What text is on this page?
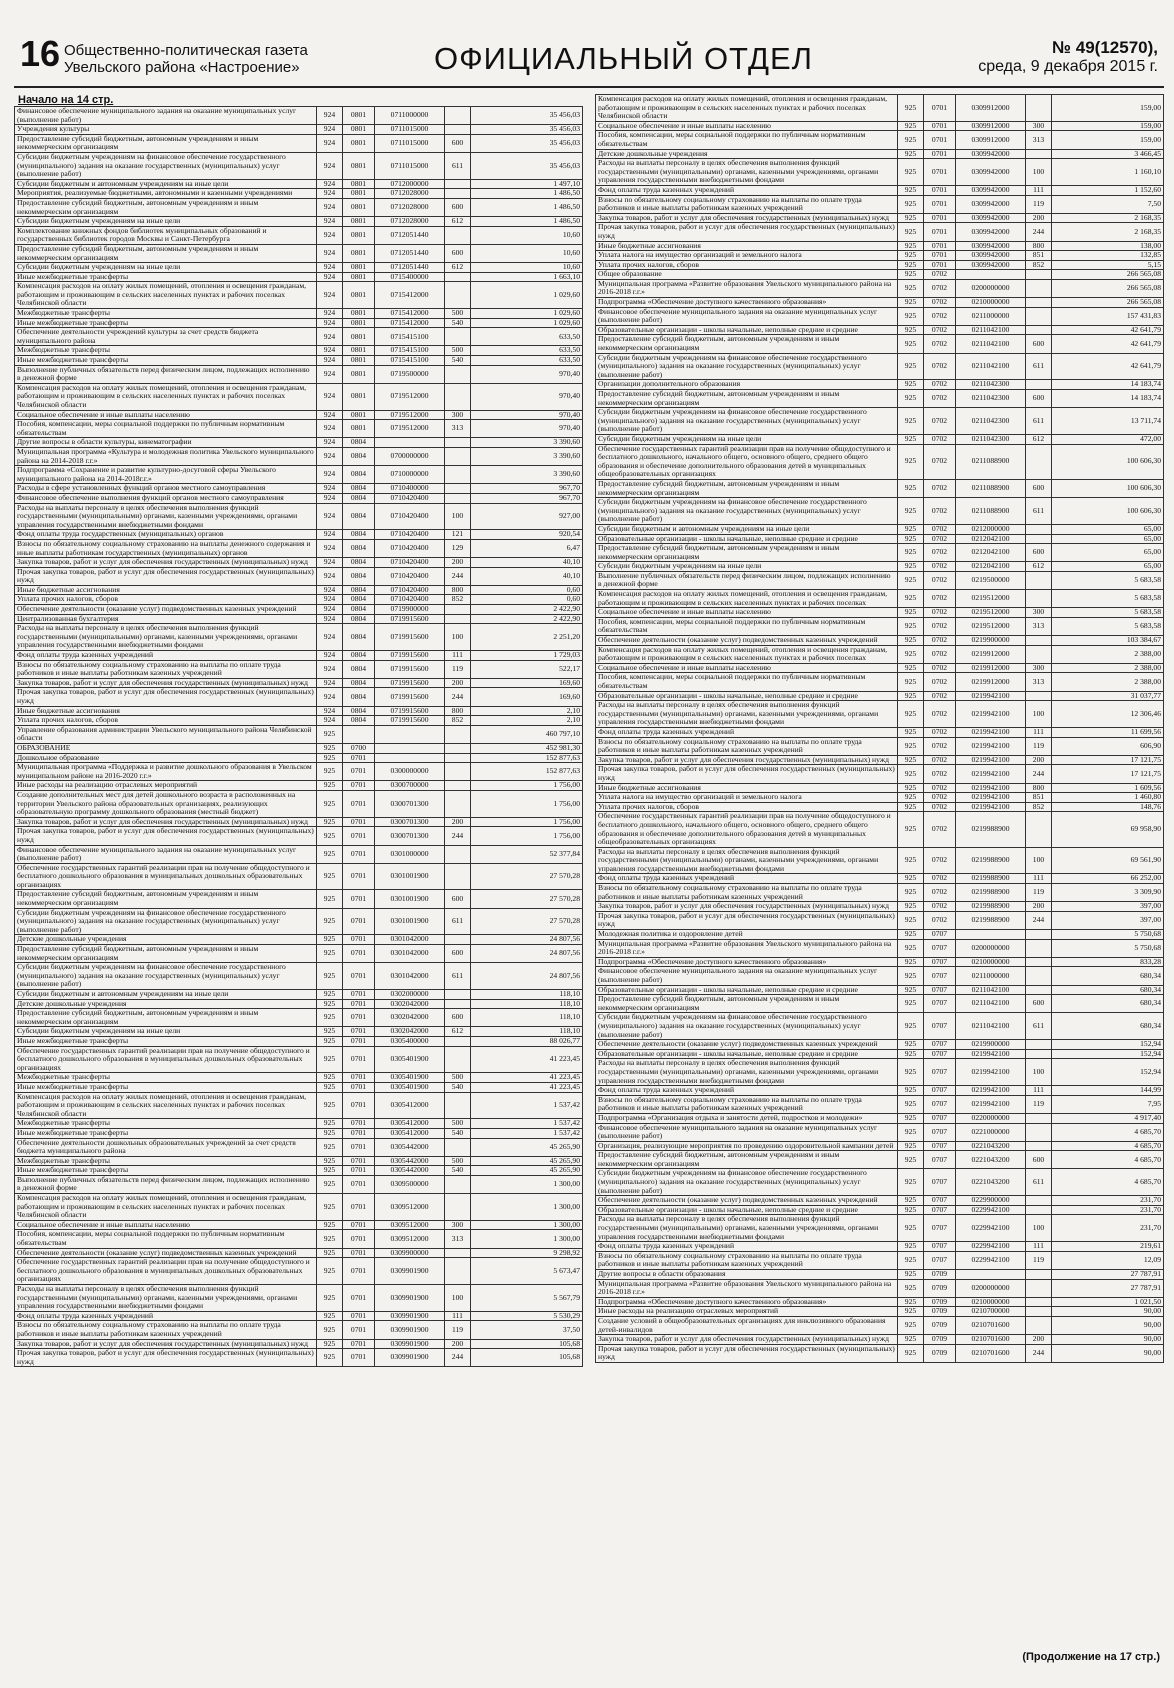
16 Общественно-политическая газета
Увельского района «Настроение»	ОФИЦИАЛЬНЫЙ ОТДЕЛ	№ 49(12570),
среда, 9 декабря 2015 г.
Начало на 14 стр.
Финансовое обеспечение муниципального задания на оказание муниципальных услуг (выполнение работ)	924	0801	0711000000		35 456,03
Учреждения культуры	924	0801	0711015000		35 456,03
Предоставление субсидий бюджетным, автономным учреждениям и иным некоммерческим организациям	924	0801	0711015000	600	35 456,03
Субсидии бюджетным учреждениям на финансовое обеспечение государственного (муниципального) задания на оказание государственных (муниципальных) услуг (выполнение работ)	924	0801	0711015000	611	35 456,03
Субсидии бюджетным и автономным учреждениям на иные цели	924	0801	0712000000		1 497,10
Мероприятия, реализуемые бюджетными, автономными и казенными учреждениями	924	0801	0712028000		1 486,50
Предоставление субсидий бюджетным, автономным учреждениям и иным некоммерческим организациям	924	0801	0712028000	600	1 486,50
Субсидии бюджетным учреждениям на иные цели	924	0801	0712028000	612	1 486,50
Комплектование книжных фондов библиотек муниципальных образований и государственных библиотек городов Москвы и Санкт-Петербурга	924	0801	0712051440		10,60
Предоставление субсидий бюджетным, автономным учреждениям и иным некоммерческим организациям	924	0801	0712051440	600	10,60
Субсидии бюджетным учреждениям на иные цели	924	0801	0712051440	612	10,60
Иные межбюджетные трансферты	924	0801	0715400000		1 663,10
Компенсация расходов на оплату жилых помещений, отопления и освещения гражданам, работающим и проживающим в сельских населенных пунктах и рабочих поселках Челябинской области	924	0801	0715412000		1 029,60
Межбюджетные трансферты	924	0801	0715412000	500	1 029,60
Иные межбюджетные трансферты	924	0801	0715412000	540	1 029,60
Обеспечение деятельности учреждений культуры за счет средств бюджета муниципального района	924	0801	0715415100		633,50
Межбюджетные трансферты	924	0801	0715415100	500	633,50
Иные межбюджетные трансферты	924	0801	0715415100	540	633,50
Выполнение публичных обязательств перед физическим лицом, подлежащих исполнению в денежной форме	924	0801	0719500000		970,40
Компенсация расходов на оплату жилых помещений, отопления и освещения гражданам, работающим и проживающим в сельских населенных пунктах и рабочих поселках Челябинской области	924	0801	0719512000		970,40
Социальное обеспечение и иные выплаты населению	924	0801	0719512000	300	970,40
Пособия, компенсации, меры социальной поддержки по публичным нормативным обязательствам	924	0801	0719512000	313	970,40
Другие вопросы в области культуры, кинематографии	924	0804			3 390,60
Муниципальная программа «Культура и молодежная политика Увельского муниципального района на 2014-2018 г.г.»	924	0804	0700000000		3 390,60
Подпрограмма «Сохранение и развитие культурно-досуговой сферы Увельского муниципального района на 2014-2018г.г.»	924	0804	0710000000		3 390,60
Расходы в сфере установленных функций органов местного самоуправления	924	0804	0710400000		967,70
Финансовое обеспечение выполнения функций органов местного самоуправления	924	0804	0710420400		967,70
Расходы на выплаты персоналу в целях обеспечения выполнения функций государственными (муниципальными) органами, казенными учреждениями, органами управления государственными внебюджетными фондами	924	0804	0710420400	100	927,00
Фонд оплаты труда государственных (муниципальных) органов	924	0804	0710420400	121	920,54
Взносы по обязательному социальному страхованию на выплаты денежного содержания и иные выплаты работникам государственных (муниципальных) органов	924	0804	0710420400	129	6,47
Закупка товаров, работ и услуг для обеспечения государственных (муниципальных) нужд	924	0804	0710420400	200	40,10
Прочая закупка товаров, работ и услуг для обеспечения государственных (муниципальных) нужд	924	0804	0710420400	244	40,10
Иные бюджетные ассигнования	924	0804	0710420400	800	0,60
Уплата прочих налогов, сборов	924	0804	0710420400	852	0,60
Обеспечение деятельности (оказание услуг) подведомственных казенных учреждений	924	0804	0719900000		2 422,90
Централизованная бухгалтерия	924	0804	0719915600		2 422,90
Расходы на выплаты персоналу в целях обеспечения выполнения функций государственными (муниципальными) органами, казенными учреждениями, органами управления государственными внебюджетными фондами	924	0804	0719915600	100	2 251,20
Фонд оплаты труда казенных учреждений	924	0804	0719915600	111	1 729,03
Взносы по обязательному социальному страхованию на выплаты по оплате труда работников и иные выплаты работникам казенных учреждений	924	0804	0719915600	119	522,17
Закупка товаров, работ и услуг для обеспечения государственных (муниципальных) нужд	924	0804	0719915600	200	169,60
Прочая закупка товаров, работ и услуг для обеспечения государственных (муниципальных) нужд	924	0804	0719915600	244	169,60
Иные бюджетные ассигнования	924	0804	0719915600	800	2,10
Уплата прочих налогов, сборов	924	0804	0719915600	852	2,10
Управление образования администрации Увельского муниципального района Челябинской области	925				460 797,10
ОБРАЗОВАНИЕ	925	0700			452 981,30
Дошкольное образование	925	0701			152 877,63
Муниципальная программа «Поддержка и развитие дошкольного образования в Увельском муниципальном районе на 2016-2020 г.г.»	925	0701	0300000000		152 877,63
Иные расходы на реализацию отраслевых мероприятий	925	0701	0300700000		1 756,00
Создание дополнительных мест для детей дошкольного возраста в расположенных на территории Увельского района образовательных организациях, реализующих образовательную программу дошкольного образования (местный бюджет)	925	0701	0300701300		1 756,00
Закупка товаров, работ и услуг для обеспечения государственных (муниципальных) нужд	925	0701	0300701300	200	1 756,00
Прочая закупка товаров, работ и услуг для обеспечения государственных (муниципальных) нужд	925	0701	0300701300	244	1 756,00
Финансовое обеспечение муниципального задания на оказание муниципальных услуг (выполнение работ)	925	0701	0301000000		52 377,84
Обеспечение государственных гарантий реализации прав на получение общедоступного и бесплатного дошкольного образования в муниципальных дошкольных образовательных организациях	925	0701	0301001900		27 570,28
Предоставление субсидий бюджетным, автономным учреждениям и иным некоммерческим организациям	925	0701	0301001900	600	27 570,28
Субсидии бюджетным учреждениям на финансовое обеспечение государственного (муниципального) задания на оказание государственных (муниципальных) услуг (выполнение работ)	925	0701	0301001900	611	27 570,28
Детские дошкольные учреждения	925	0701	0301042000		24 807,56
Предоставление субсидий бюджетным, автономным учреждениям и иным некоммерческим организациям	925	0701	0301042000	600	24 807,56
Субсидии бюджетным учреждениям на финансовое обеспечение государственного (муниципального) задания на оказание государственных (муниципальных) услуг (выполнение работ)	925	0701	0301042000	611	24 807,56
Субсидии бюджетным и автономным учреждениям на иные цели	925	0701	0302000000		118,10
Детские дошкольные учреждения	925	0701	0302042000		118,10
Предоставление субсидий бюджетным, автономным учреждениям и иным некоммерческим организациям	925	0701	0302042000	600	118,10
Субсидии бюджетным учреждениям на иные цели	925	0701	0302042000	612	118,10
Иные межбюджетные трансферты	925	0701	0305400000		88 026,77
Обеспечение государственных гарантий реализации прав на получение общедоступного и бесплатного дошкольного образования в муниципальных дошкольных образовательных организациях	925	0701	0305401900		41 223,45
Межбюджетные трансферты	925	0701	0305401900	500	41 223,45
Иные межбюджетные трансферты	925	0701	0305401900	540	41 223,45
Компенсация расходов на оплату жилых помещений, отопления и освещения гражданам, работающим и проживающим в сельских населенных пунктах и рабочих поселках Челябинской области	925	0701	0305412000		1 537,42
Межбюджетные трансферты	925	0701	0305412000	500	1 537,42
Иные межбюджетные трансферты	925	0701	0305412000	540	1 537,42
Обеспечение деятельности дошкольных образовательных учреждений за счет средств бюджета муниципального района	925	0701	0305442000		45 265,90
Межбюджетные трансферты	925	0701	0305442000	500	45 265,90
Иные межбюджетные трансферты	925	0701	0305442000	540	45 265,90
Выполнение публичных обязательств перед физическим лицом, подлежащих исполнению в денежной форме	925	0701	0309500000		1 300,00
Компенсация расходов на оплату жилых помещений, отопления и освещения гражданам, работающим и проживающим в сельских населенных пунктах и рабочих поселках Челябинской области	925	0701	0309512000		1 300,00
Социальное обеспечение и иные выплаты населению	925	0701	0309512000	300	1 300,00
Пособия, компенсации, меры социальной поддержки по публичным нормативным обязательствам	925	0701	0309512000	313	1 300,00
Обеспечение деятельности (оказание услуг) подведомственных казенных учреждений	925	0701	0309900000		9 298,92
Обеспечение государственных гарантий реализации прав на получение общедоступного и бесплатного дошкольного образования в муниципальных дошкольных образовательных организациях	925	0701	0309901900		5 673,47
Расходы на выплаты персоналу в целях обеспечения выполнения функций государственными (муниципальными) органами, казенными учреждениями, органами управления государственными внебюджетными фондами	925	0701	0309901900	100	5 567,79
Фонд оплаты труда казенных учреждений	925	0701	0309901900	111	5 530,29
Взносы по обязательному социальному страхованию на выплаты по оплате труда работников и иные выплаты работникам казенных учреждений	925	0701	0309901900	119	37,50
Закупка товаров, работ и услуг для обеспечения государственных (муниципальных) нужд	925	0701	0309901900	200	105,68
Прочая закупка товаров, работ и услуг для обеспечения государственных (муниципальных) нужд	925	0701	0309901900	244	105,68
Компенсация расходов на оплату жилых помещений, отопления и освещения гражданам, работающим и проживающим в сельских населенных пунктах и рабочих поселках Челябинской области	925	0701	0309912000		159,00
Социальное обеспечение и иные выплаты населению	925	0701	0309912000	300	159,00
Пособия, компенсации, меры социальной поддержки по публичным нормативным обязательствам	925	0701	0309912000	313	159,00
Детские дошкольные учреждения	925	0701	0309942000		3 466,45
Расходы на выплаты персоналу в целях обеспечения выполнения функций государственными (муниципальными) органами, казенными учреждениями, органами управления государственными внебюджетными фондами	925	0701	0309942000	100	1 160,10
Фонд оплаты труда казенных учреждений	925	0701	0309942000	111	1 152,60
Взносы по обязательному социальному страхованию на выплаты по оплате труда работников и иные выплаты работникам казенных учреждений	925	0701	0309942000	119	7,50
Закупка товаров, работ и услуг для обеспечения государственных (муниципальных) нужд	925	0701	0309942000	200	2 168,35
Прочая закупка товаров, работ и услуг для обеспечения государственных (муниципальных) нужд	925	0701	0309942000	244	2 168,35
Иные бюджетные ассигнования	925	0701	0309942000	800	138,00
Уплата налога на имущество организаций и земельного налога	925	0701	0309942000	851	132,85
Уплата прочих налогов, сборов	925	0701	0309942000	852	5,15
Общее образование	925	0702			266 565,08
Муниципальная программа «Развитие образования Увельского муниципального района на 2016-2018 г.г.»	925	0702	0200000000		266 565,08
Подпрограмма «Обеспечение доступного качественного образования»	925	0702	0210000000		266 565,08
Финансовое обеспечение муниципального задания на оказание муниципальных услуг (выполнение работ)	925	0702	0211000000		157 431,83
Образовательные организации - школы начальные, неполные средние и средние	925	0702	0211042100		42 641,79
Предоставление субсидий бюджетным, автономным учреждениям и иным некоммерческим организациям	925	0702	0211042100	600	42 641,79
Субсидии бюджетным учреждениям на финансовое обеспечение государственного (муниципального) задания на оказание государственных (муниципальных) услуг (выполнение работ)	925	0702	0211042100	611	42 641,79
Организации дополнительного образования	925	0702	0211042300		14 183,74
Предоставление субсидий бюджетным, автономным учреждениям и иным некоммерческим организациям	925	0702	0211042300	600	14 183,74
Субсидии бюджетным учреждениям на финансовое обеспечение государственного (муниципального) задания на оказание государственных (муниципальных) услуг (выполнение работ)	925	0702	0211042300	611	13 711,74
Субсидии бюджетным учреждениям на иные цели	925	0702	0211042300	612	472,00
Обеспечение государственных гарантий реализации прав на получение общедоступного и бесплатного дошкольного, начального общего, основного общего, среднего общего образования и обеспечение дополнительного образования детей в муниципальных общеобразовательных организациях	925	0702	0211088900		100 606,30
Предоставление субсидий бюджетным, автономным учреждениям и иным некоммерческим организациям	925	0702	0211088900	600	100 606,30
Субсидии бюджетным учреждениям на финансовое обеспечение государственного (муниципального) задания на оказание государственных (муниципальных) услуг (выполнение работ)	925	0702	0211088900	611	100 606,30
Субсидии бюджетным и автономным учреждениям на иные цели	925	0702	0212000000		65,00
Образовательные организации - школы начальные, неполные средние и средние	925	0702	0212042100		65,00
Предоставление субсидий бюджетным, автономным учреждениям и иным некоммерческим организациям	925	0702	0212042100	600	65,00
Субсидии бюджетным учреждениям на иные цели	925	0702	0212042100	612	65,00
Выполнение публичных обязательств перед физическим лицом, подлежащих исполнению в денежной форме	925	0702	0219500000		5 683,58
Компенсация расходов на оплату жилых помещений, отопления и освещения гражданам, работающим и проживающим в сельских населенных пунктах и рабочих поселках	925	0702	0219512000		5 683,58
Социальное обеспечение и иные выплаты населению	925	0702	0219512000	300	5 683,58
Пособия, компенсации, меры социальной поддержки по публичным нормативным обязательствам	925	0702	0219512000	313	5 683,58
Обеспечение деятельности (оказание услуг) подведомственных казенных учреждений	925	0702	0219900000		103 384,67
Компенсация расходов на оплату жилых помещений, отопления и освещения гражданам, работающим и проживающим в сельских населенных пунктах и рабочих поселках	925	0702	0219912000		2 388,00
Социальное обеспечение и иные выплаты населению	925	0702	0219912000	300	2 388,00
Пособия, компенсации, меры социальной поддержки по публичным нормативным обязательствам	925	0702	0219912000	313	2 388,00
Образовательные организации - школы начальные, неполные средние и средние	925	0702	0219942100		31 037,77
Расходы на выплаты персоналу в целях обеспечения выполнения функций государственными (муниципальными) органами, казенными учреждениями, органами управления государственными внебюджетными фондами	925	0702	0219942100	100	12 306,46
Фонд оплаты труда казенных учреждений	925	0702	0219942100	111	11 699,56
Взносы по обязательному социальному страхованию на выплаты по оплате труда работников и иные выплаты работникам казенных учреждений	925	0702	0219942100	119	606,90
Закупка товаров, работ и услуг для обеспечения государственных (муниципальных) нужд	925	0702	0219942100	200	17 121,75
Прочая закупка товаров, работ и услуг для обеспечения государственных (муниципальных) нужд	925	0702	0219942100	244	17 121,75
Иные бюджетные ассигнования	925	0702	0219942100	800	1 609,56
Уплата налога на имущество организаций и земельного налога	925	0702	0219942100	851	1 460,80
Уплата прочих налогов, сборов	925	0702	0219942100	852	148,76
Обеспечение государственных гарантий реализации прав на получение общедоступного и бесплатного дошкольного, начального общего, основного общего, среднего общего образования и обеспечение дополнительного образования детей в муниципальных общеобразовательных организациях	925	0702	0219988900		69 958,90
Расходы на выплаты персоналу в целях обеспечения выполнения функций государственными (муниципальными) органами, казенными учреждениями, органами управления государственными внебюджетными фондами	925	0702	0219988900	100	69 561,90
Фонд оплаты труда казенных учреждений	925	0702	0219988900	111	66 252,00
Взносы по обязательному социальному страхованию на выплаты по оплате труда работников и иные выплаты работникам казенных учреждений	925	0702	0219988900	119	3 309,90
Закупка товаров, работ и услуг для обеспечения государственных (муниципальных) нужд	925	0702	0219988900	200	397,00
Прочая закупка товаров, работ и услуг для обеспечения государственных (муниципальных) нужд	925	0702	0219988900	244	397,00
Молодежная политика и оздоровление детей	925	0707			5 750,68
Муниципальная программа «Развитие образования Увельского муниципального района на 2016-2018 г.г.»	925	0707	0200000000		5 750,68
Подпрограмма «Обеспечение доступного качественного образования»	925	0707	0210000000		833,28
Финансовое обеспечение муниципального задания на оказание муниципальных услуг (выполнение работ)	925	0707	0211000000		680,34
Образовательные организации - школы начальные, неполные средние и средние	925	0707	0211042100		680,34
Предоставление субсидий бюджетным, автономным учреждениям и иным некоммерческим организациям	925	0707	0211042100	600	680,34
Субсидии бюджетным учреждениям на финансовое обеспечение государственного (муниципального) задания на оказание государственных (муниципальных) услуг (выполнение работ)	925	0707	0211042100	611	680,34
Обеспечение деятельности (оказание услуг) подведомственных казенных учреждений	925	0707	0219900000		152,94
Образовательные организации - школы начальные, неполные средние и средние	925	0707	0219942100		152,94
Расходы на выплаты персоналу в целях обеспечения выполнения функций государственными (муниципальными) органами, казенными учреждениями, органами управления государственными внебюджетными фондами	925	0707	0219942100	100	152,94
Фонд оплаты труда казенных учреждений	925	0707	0219942100	111	144,99
Взносы по обязательному социальному страхованию на выплаты по оплате труда работников и иные выплаты работникам казенных учреждений	925	0707	0219942100	119	7,95
Подпрограмма «Организация отдыха и занятости детей, подростков и молодежи»	925	0707	0220000000		4 917,40
Финансовое обеспечение муниципального задания на оказание муниципальных услуг (выполнение работ)	925	0707	0221000000		4 685,70
Организация, реализующие мероприятия по проведению оздоровительной кампании детей	925	0707	0221043200		4 685,70
Предоставление субсидий бюджетным, автономным учреждениям и иным некоммерческим организациям	925	0707	0221043200	600	4 685,70
Субсидии бюджетным учреждениям на финансовое обеспечение государственного (муниципального) задания на оказание государственных (муниципальных) услуг (выполнение работ)	925	0707	0221043200	611	4 685,70
Обеспечение деятельности (оказание услуг) подведомственных казенных учреждений	925	0707	0229900000		231,70
Образовательные организации - школы начальные, неполные средние и средние	925	0707	0229942100		231,70
Расходы на выплаты персоналу в целях обеспечения выполнения функций государственными (муниципальными) органами, казенными учреждениями, органами управления государственными внебюджетными фондами	925	0707	0229942100	100	231,70
Фонд оплаты труда казенных учреждений	925	0707	0229942100	111	219,61
Взносы по обязательному социальному страхованию на выплаты по оплате труда работников и иные выплаты работникам казенных учреждений	925	0707	0229942100	119	12,09
Другие вопросы в области образования	925	0709			27 787,91
Муниципальная программа «Развитие образования Увельского муниципального района на 2016-2018 г.г.»	925	0709	0200000000		27 787,91
Подпрограмма «Обеспечение доступного качественного образования»	925	0709	0210000000		1 021,50
Иные расходы на реализацию отраслевых мероприятий	925	0709	0210700000		90,00
Создание условий в общеобразовательных организациях для инклюзивного образования детей-инвалидов	925	0709	0210701600		90,00
Закупка товаров, работ и услуг для обеспечения государственных (муниципальных) нужд	925	0709	0210701600	200	90,00
Прочая закупка товаров, работ и услуг для обеспечения государственных (муниципальных) нужд	925	0709	0210701600	244	90,00
(Продолжение на 17 стр.)
